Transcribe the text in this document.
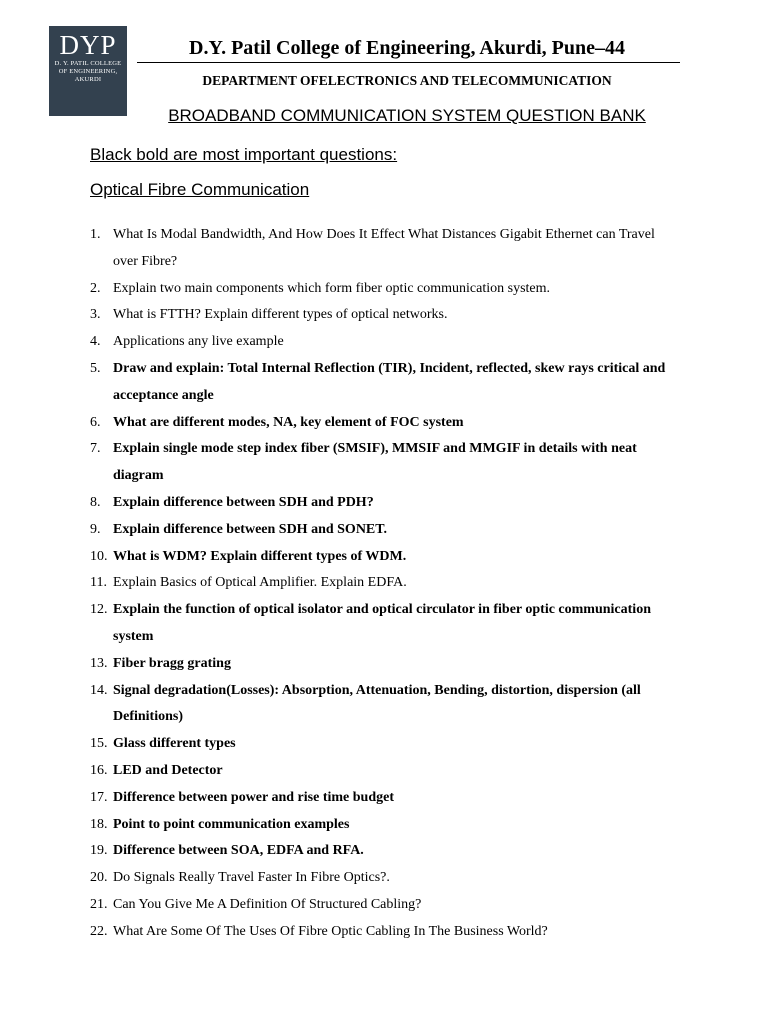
DYP
D. Y. PATIL COLLEGE
OF ENGINEERING,
AKURDI
D.Y. Patil College of Engineering, Akurdi, Pune–44
DEPARTMENT OFELECTRONICS AND TELECOMMUNICATION
BROADBAND COMMUNICATION SYSTEM QUESTION BANK
Black bold are most important questions:
Optical Fibre Communication
1. What Is Modal Bandwidth, And How Does It Effect What Distances Gigabit Ethernet can Travel over Fibre?
2. Explain two main components which form fiber optic communication system.
3. What is FTTH? Explain different types of optical networks.
4. Applications any live example
5. Draw and explain: Total Internal Reflection (TIR), Incident, reflected, skew rays critical and acceptance angle
6. What are different modes, NA, key element of FOC system
7. Explain single mode step index fiber (SMSIF), MMSIF and MMGIF in details with neat diagram
8. Explain difference between SDH and PDH?
9. Explain difference between SDH and SONET.
10. What is WDM? Explain different types of WDM.
11. Explain Basics of Optical Amplifier. Explain EDFA.
12. Explain the function of optical isolator and optical circulator in fiber optic communication system
13. Fiber bragg grating
14. Signal degradation(Losses): Absorption, Attenuation, Bending, distortion, dispersion (all Definitions)
15. Glass different types
16. LED and Detector
17. Difference between power and rise time budget
18. Point to point communication examples
19. Difference between SOA, EDFA and RFA.
20. Do Signals Really Travel Faster In Fibre Optics?.
21. Can You Give Me A Definition Of Structured Cabling?
22. What Are Some Of The Uses Of Fibre Optic Cabling In The Business World?
